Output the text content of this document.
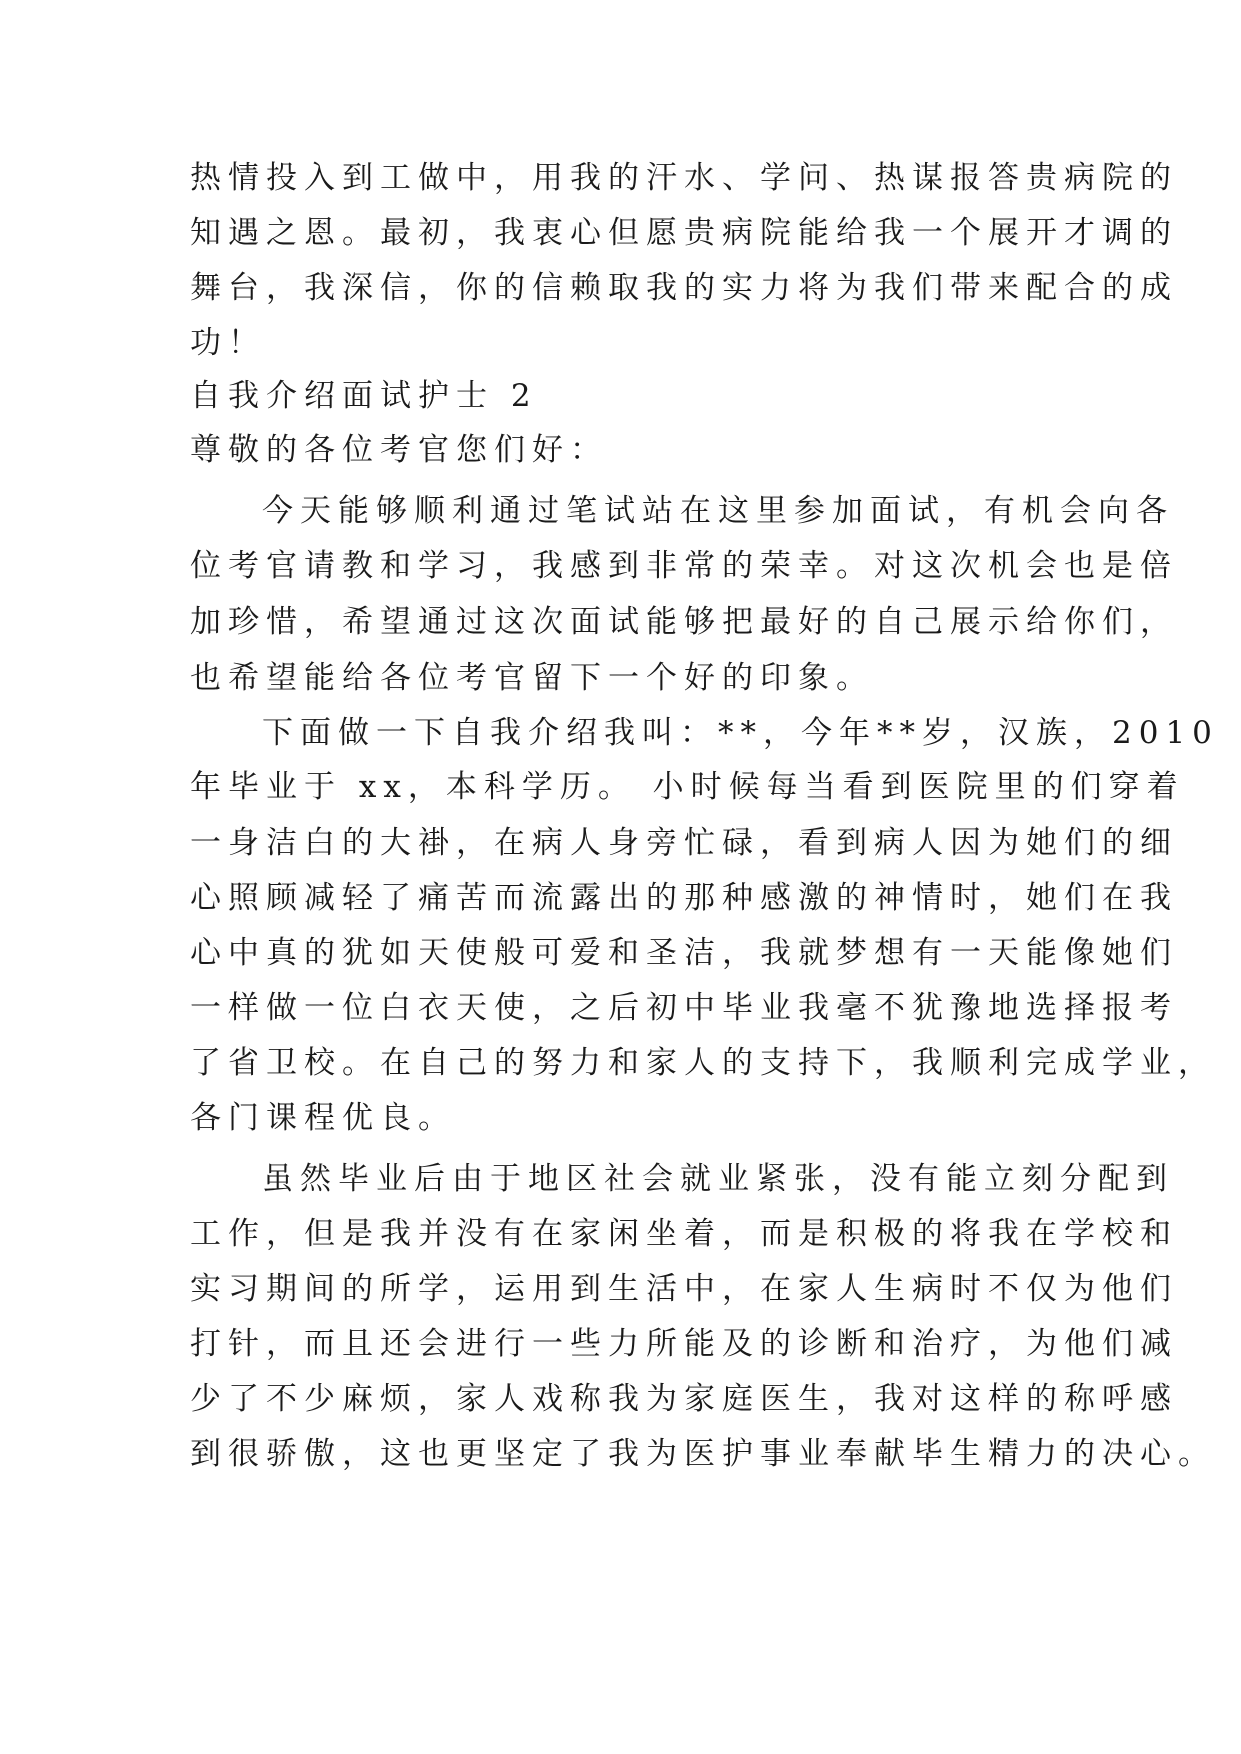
热情投入到工做中，用我的汗水、学问、热谋报答贵病院的
知遇之恩。最初，我衷心但愿贵病院能给我一个展开才调的
舞台，我深信，你的信赖取我的实力将为我们带来配合的成
功！
自我介绍面试护士 2
尊敬的各位考官您们好：
今天能够顺利通过笔试站在这里参加面试，有机会向各
位考官请教和学习，我感到非常的荣幸。对这次机会也是倍
加珍惜，希望通过这次面试能够把最好的自己展示给你们，
也希望能给各位考官留下一个好的印象。
下面做一下自我介绍我叫：**，今年**岁，汉族，2010
年毕业于 xx，本科学历。 小时候每当看到医院里的们穿着
一身洁白的大褂，在病人身旁忙碌，看到病人因为她们的细
心照顾减轻了痛苦而流露出的那种感激的神情时，她们在我
心中真的犹如天使般可爱和圣洁，我就梦想有一天能像她们
一样做一位白衣天使，之后初中毕业我毫不犹豫地选择报考
了省卫校。在自己的努力和家人的支持下，我顺利完成学业，
各门课程优良。
虽然毕业后由于地区社会就业紧张，没有能立刻分配到
工作，但是我并没有在家闲坐着，而是积极的将我在学校和
实习期间的所学，运用到生活中，在家人生病时不仅为他们
打针，而且还会进行一些力所能及的诊断和治疗，为他们减
少了不少麻烦，家人戏称我为家庭医生，我对这样的称呼感
到很骄傲，这也更坚定了我为医护事业奉献毕生精力的决心。
